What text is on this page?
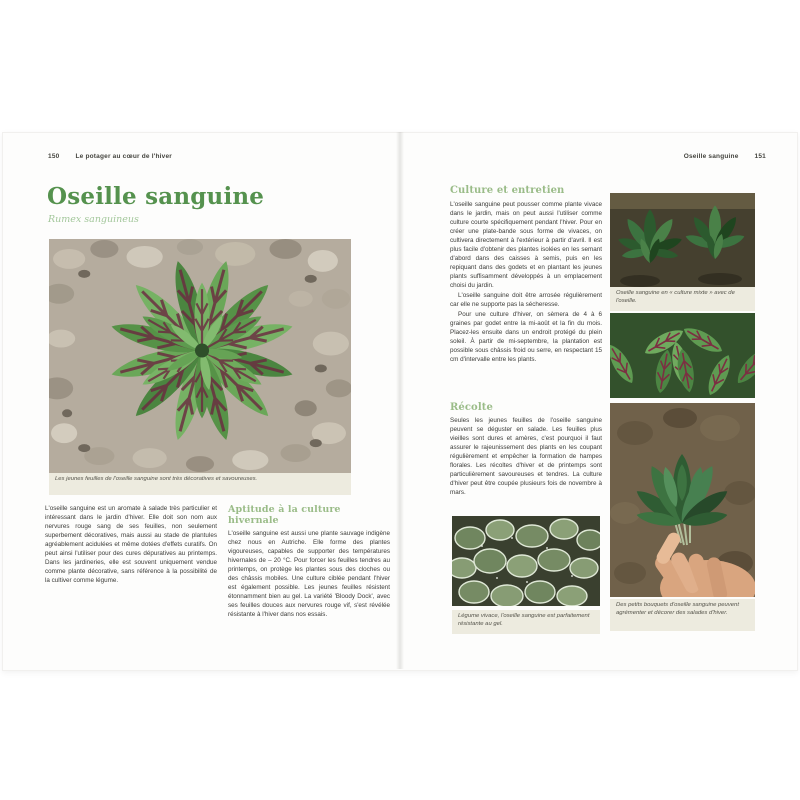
150 Le potager au cœur de l'hiver
Oseille sanguine
Rumex sanguineus
Les jeunes feuilles de l'oseille sanguine sont très décoratives et savoureuses.
L'oseille sanguine est un aromate à salade très particulier et intéressant dans le jardin d'hiver. Elle doit son nom aux nervures rouge sang de ses feuilles, non seulement superbement décoratives, mais aussi au stade de plantules agréablement acidulées et même dotées d'effets curatifs. On peut ainsi l'utiliser pour des cures dépuratives au printemps. Dans les jardineries, elle est souvent uniquement vendue comme plante décorative, sans référence à la possibilité de la cultiver comme légume.
Aptitude à la culture hivernale
L'oseille sanguine est aussi une plante sauvage indigène chez nous en Autriche. Elle forme des plantes vigoureuses, capables de supporter des températures hivernales de – 20 °C. Pour forcer les feuilles tendres au printemps, on protège les plantes sous des cloches ou des châssis mobiles. Une culture ciblée pendant l'hiver est également possible. Les jeunes feuilles résistent étonnamment bien au gel. La variété 'Bloody Dock', avec ses feuilles douces aux nervures rouge vif, s'est révélée résistante à l'hiver dans nos essais.
Oseille sanguine 151
Culture et entretien

L'oseille sanguine peut pousser comme plante vivace dans le jardin, mais on peut aussi l'utiliser comme culture courte spécifiquement pendant l'hiver. Pour en créer une plate-bande sous forme de vivaces, on cultivera directement à l'extérieur à partir d'avril. Il est plus facile d'obtenir des plantes isolées en les semant d'abord dans des caisses à semis, puis en les repiquant dans des godets et en plantant les jeunes plants suffisamment développés à un emplacement choisi du jardin.

L'oseille sanguine doit être arrosée régulièrement car elle ne supporte pas la sécheresse.

Pour une culture d'hiver, on sèmera de 4 à 6 graines par godet entre la mi-août et la fin du mois. Placez-les ensuite dans un endroit protégé du plein soleil. À partir de mi-septembre, la plantation est possible sous châssis froid ou serre, en respectant 15 cm d'intervalle entre les plants.

Récolte
Seules les jeunes feuilles de l'oseille sanguine peuvent se déguster en salade. Les feuilles plus vieilles sont dures et amères, c'est pourquoi il faut assurer le rajeunissement des plants en les coupant régulièrement et empêcher la formation de hampes florales. Les récoltes d'hiver et de printemps sont particulièrement savoureuses et tendres. La culture d'hiver peut être coupée plusieurs fois de novembre à mars.
Légume vivace, l'oseille sanguine est parfaitement résistante au gel.
Oseille sanguine en « culture mixte » avec de l'oseille.
Des petits bouquets d'oseille sanguine peuvent agrémenter et décorer des salades d'hiver.
